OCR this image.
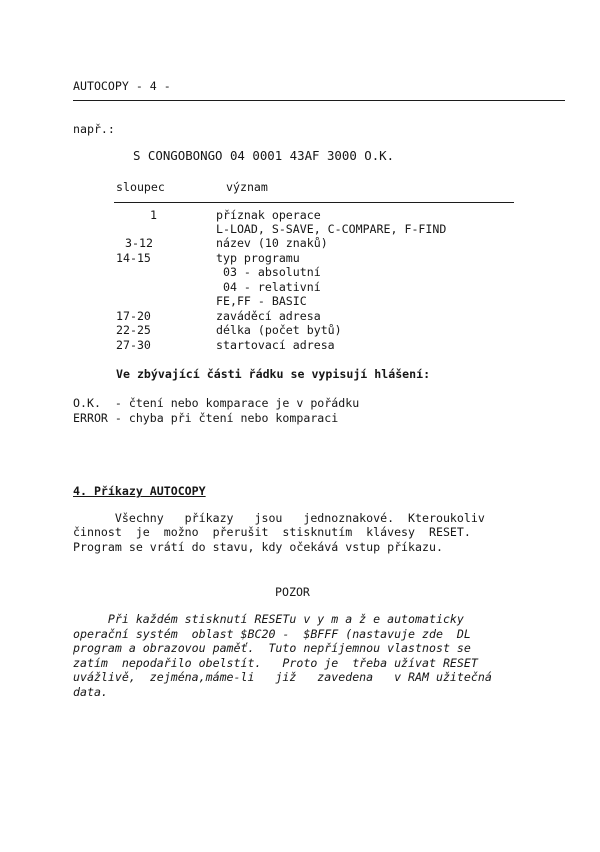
AUTOCOPY - 4 -
např.:
S CONGOBONGO 04 0001 43AF 3000 O.K.
sloupec	význam
1	příznak operace
L-LOAD, S-SAVE, C-COMPARE, F-FIND
3-12	název (10 znaků)
14-15	typ programu
03 - absolutní
04 - relativní
FE,FF - BASIC
17-20	zaváděcí adresa
22-25	délka (počet bytů)
27-30	startovací adresa
Ve zbývající části řádku se vypisují hlášení:
O.K.  - čtení nebo komparace je v pořádku
ERROR - chyba při čtení nebo komparaci
4. Příkazy AUTOCOPY
Všechny   příkazy   jsou   jednoznakové.  Kteroukoliv
činnost  je  možno  přerušit  stisknutím  klávesy  RESET.
Program se vrátí do stavu, kdy očekává vstup příkazu.
POZOR
Při každém stisknutí RESETu v y m a ž e automaticky
operační systém  oblast $BC20 -  $BFFF (nastavuje zde  DL
program a obrazovou paměť.  Tuto nepříjemnou vlastnost se
zatím  nepodařilo obelstít.   Proto je  třeba užívat RESET
uvážlivě,  zejména,máme-li   již   zavedena   v RAM užitečná
data.
